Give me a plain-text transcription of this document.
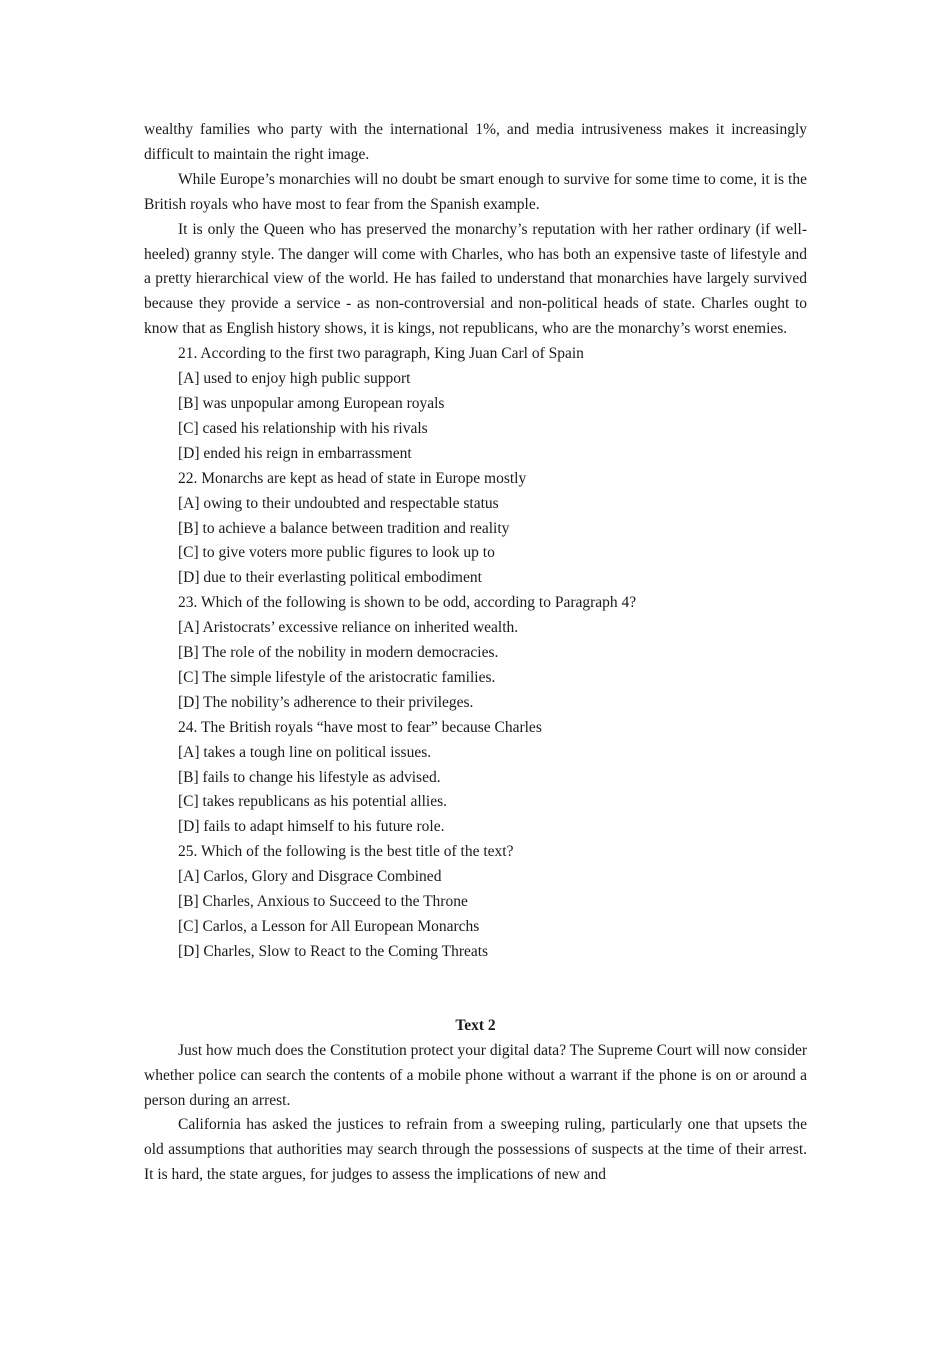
wealthy families who party with the international 1%, and media intrusiveness makes it increasingly difficult to maintain the right image.

While Europe’s monarchies will no doubt be smart enough to survive for some time to come, it is the British royals who have most to fear from the Spanish example.

It is only the Queen who has preserved the monarchy’s reputation with her rather ordinary (if well-heeled) granny style. The danger will come with Charles, who has both an expensive taste of lifestyle and a pretty hierarchical view of the world. He has failed to understand that monarchies have largely survived because they provide a service - as non-controversial and non-political heads of state. Charles ought to know that as English history shows, it is kings, not republicans, who are the monarchy’s worst enemies.

21. According to the first two paragraph, King Juan Carl of Spain

[A] used to enjoy high public support

[B] was unpopular among European royals

[C] cased his relationship with his rivals

[D] ended his reign in embarrassment

22. Monarchs are kept as head of state in Europe mostly

[A] owing to their undoubted and respectable status

[B] to achieve a balance between tradition and reality

[C] to give voters more public figures to look up to

[D] due to their everlasting political embodiment

23. Which of the following is shown to be odd, according to Paragraph 4?

[A] Aristocrats’ excessive reliance on inherited wealth.

[B] The role of the nobility in modern democracies.

[C] The simple lifestyle of the aristocratic families.

[D] The nobility’s adherence to their privileges.

24. The British royals “have most to fear” because Charles

[A] takes a tough line on political issues.

[B] fails to change his lifestyle as advised.

[C] takes republicans as his potential allies.

[D] fails to adapt himself to his future role.

25. Which of the following is the best title of the text?

[A] Carlos, Glory and Disgrace Combined

[B] Charles, Anxious to Succeed to the Throne

[C] Carlos, a Lesson for All European Monarchs

[D] Charles, Slow to React to the Coming Threats

Text 2

Just how much does the Constitution protect your digital data? The Supreme Court will now consider whether police can search the contents of a mobile phone without a warrant if the phone is on or around a person during an arrest.

California has asked the justices to refrain from a sweeping ruling, particularly one that upsets the old assumptions that authorities may search through the possessions of suspects at the time of their arrest. It is hard, the state argues, for judges to assess the implications of new and
